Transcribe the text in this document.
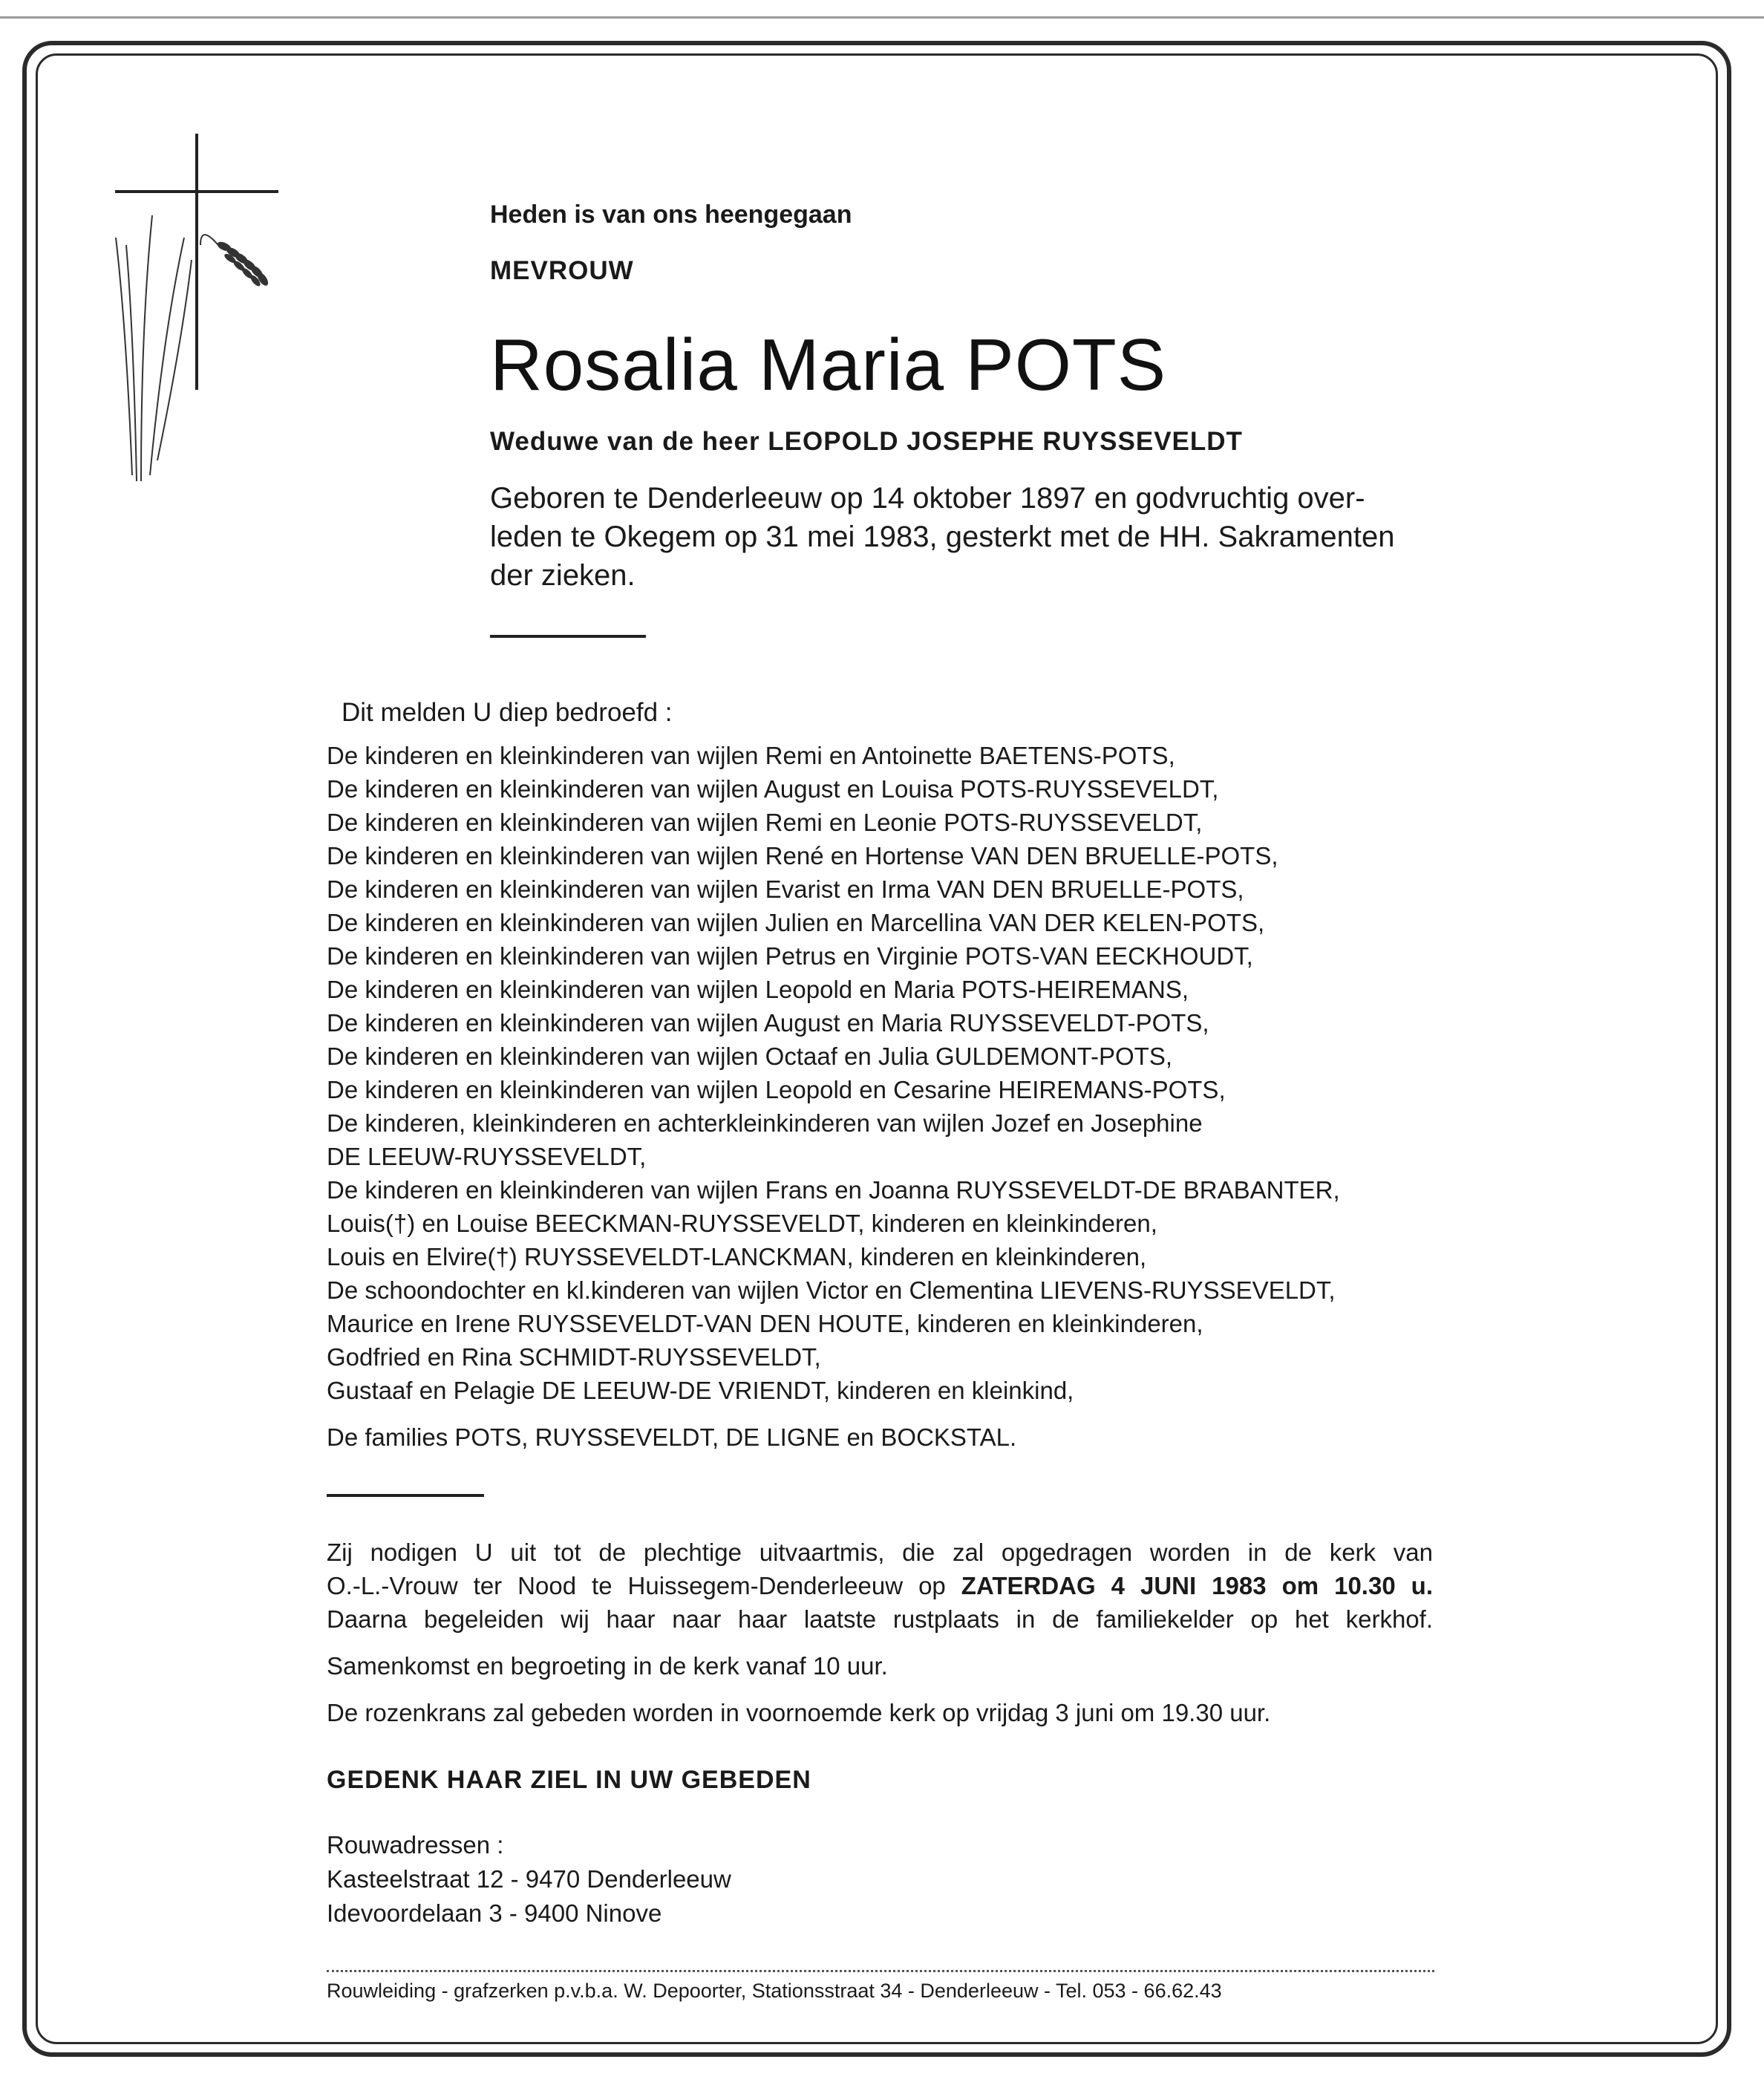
Heden is van ons heengegaan
MEVROUW
Rosalia Maria POTS
Weduwe van de heer LEOPOLD JOSEPHE RUYSSEVELDT

Geboren te Denderleeuw op 14 oktober 1897 en godvruchtig over-

leden te Okegem op 31 mei 1983, gesterkt met de HH. Sakramenten

der zieken.

Dit melden U diep bedroefd :
De kinderen en kleinkinderen van wijlen Remi en Antoinette BAETENS-POTS,
De kinderen en kleinkinderen van wijlen August en Louisa POTS-RUYSSEVELDT,
De kinderen en kleinkinderen van wijlen Remi en Leonie POTS-RUYSSEVELDT,
De kinderen en kleinkinderen van wijlen René en Hortense VAN DEN BRUELLE-POTS,
De kinderen en kleinkinderen van wijlen Evarist en Irma VAN DEN BRUELLE-POTS,
De kinderen en kleinkinderen van wijlen Julien en Marcellina VAN DER KELEN-POTS,
De kinderen en kleinkinderen van wijlen Petrus en Virginie POTS-VAN EECKHOUDT,
De kinderen en kleinkinderen van wijlen Leopold en Maria POTS-HEIREMANS,
De kinderen en kleinkinderen van wijlen August en Maria RUYSSEVELDT-POTS,
De kinderen en kleinkinderen van wijlen Octaaf en Julia GULDEMONT-POTS,
De kinderen en kleinkinderen van wijlen Leopold en Cesarine HEIREMANS-POTS,
De kinderen, kleinkinderen en achterkleinkinderen van wijlen Jozef en Josephine
DE LEEUW-RUYSSEVELDT,
De kinderen en kleinkinderen van wijlen Frans en Joanna RUYSSEVELDT-DE BRABANTER,
Louis(†) en Louise BEECKMAN-RUYSSEVELDT, kinderen en kleinkinderen,
Louis en Elvire(†) RUYSSEVELDT-LANCKMAN, kinderen en kleinkinderen,
De schoondochter en kl.kinderen van wijlen Victor en Clementina LIEVENS-RUYSSEVELDT,
Maurice en Irene RUYSSEVELDT-VAN DEN HOUTE, kinderen en kleinkinderen,
Godfried en Rina SCHMIDT-RUYSSEVELDT,
Gustaaf en Pelagie DE LEEUW-DE VRIENDT, kinderen en kleinkind,
De families POTS, RUYSSEVELDT, DE LIGNE en BOCKSTAL.

Zij nodigen U uit tot de plechtige uitvaartmis, die zal opgedragen worden in de kerk van

O.-L.-Vrouw ter Nood te Huissegem-Denderleeuw op ZATERDAG 4 JUNI 1983 om 10.30 u.

Daarna begeleiden wij haar naar haar laatste rustplaats in de familiekelder op het kerkhof.

Samenkomst en begroeting in de kerk vanaf 10 uur.

De rozenkrans zal gebeden worden in voornoemde kerk op vrijdag 3 juni om 19.30 uur.

GEDENK HAAR ZIEL IN UW GEBEDEN
Rouwadressen :
Kasteelstraat 12 - 9470 Denderleeuw
Idevoordelaan 3 - 9400 Ninove
Rouwleiding - grafzerken p.v.b.a. W. Depoorter, Stationsstraat 34 - Denderleeuw - Tel. 053 - 66.62.43
